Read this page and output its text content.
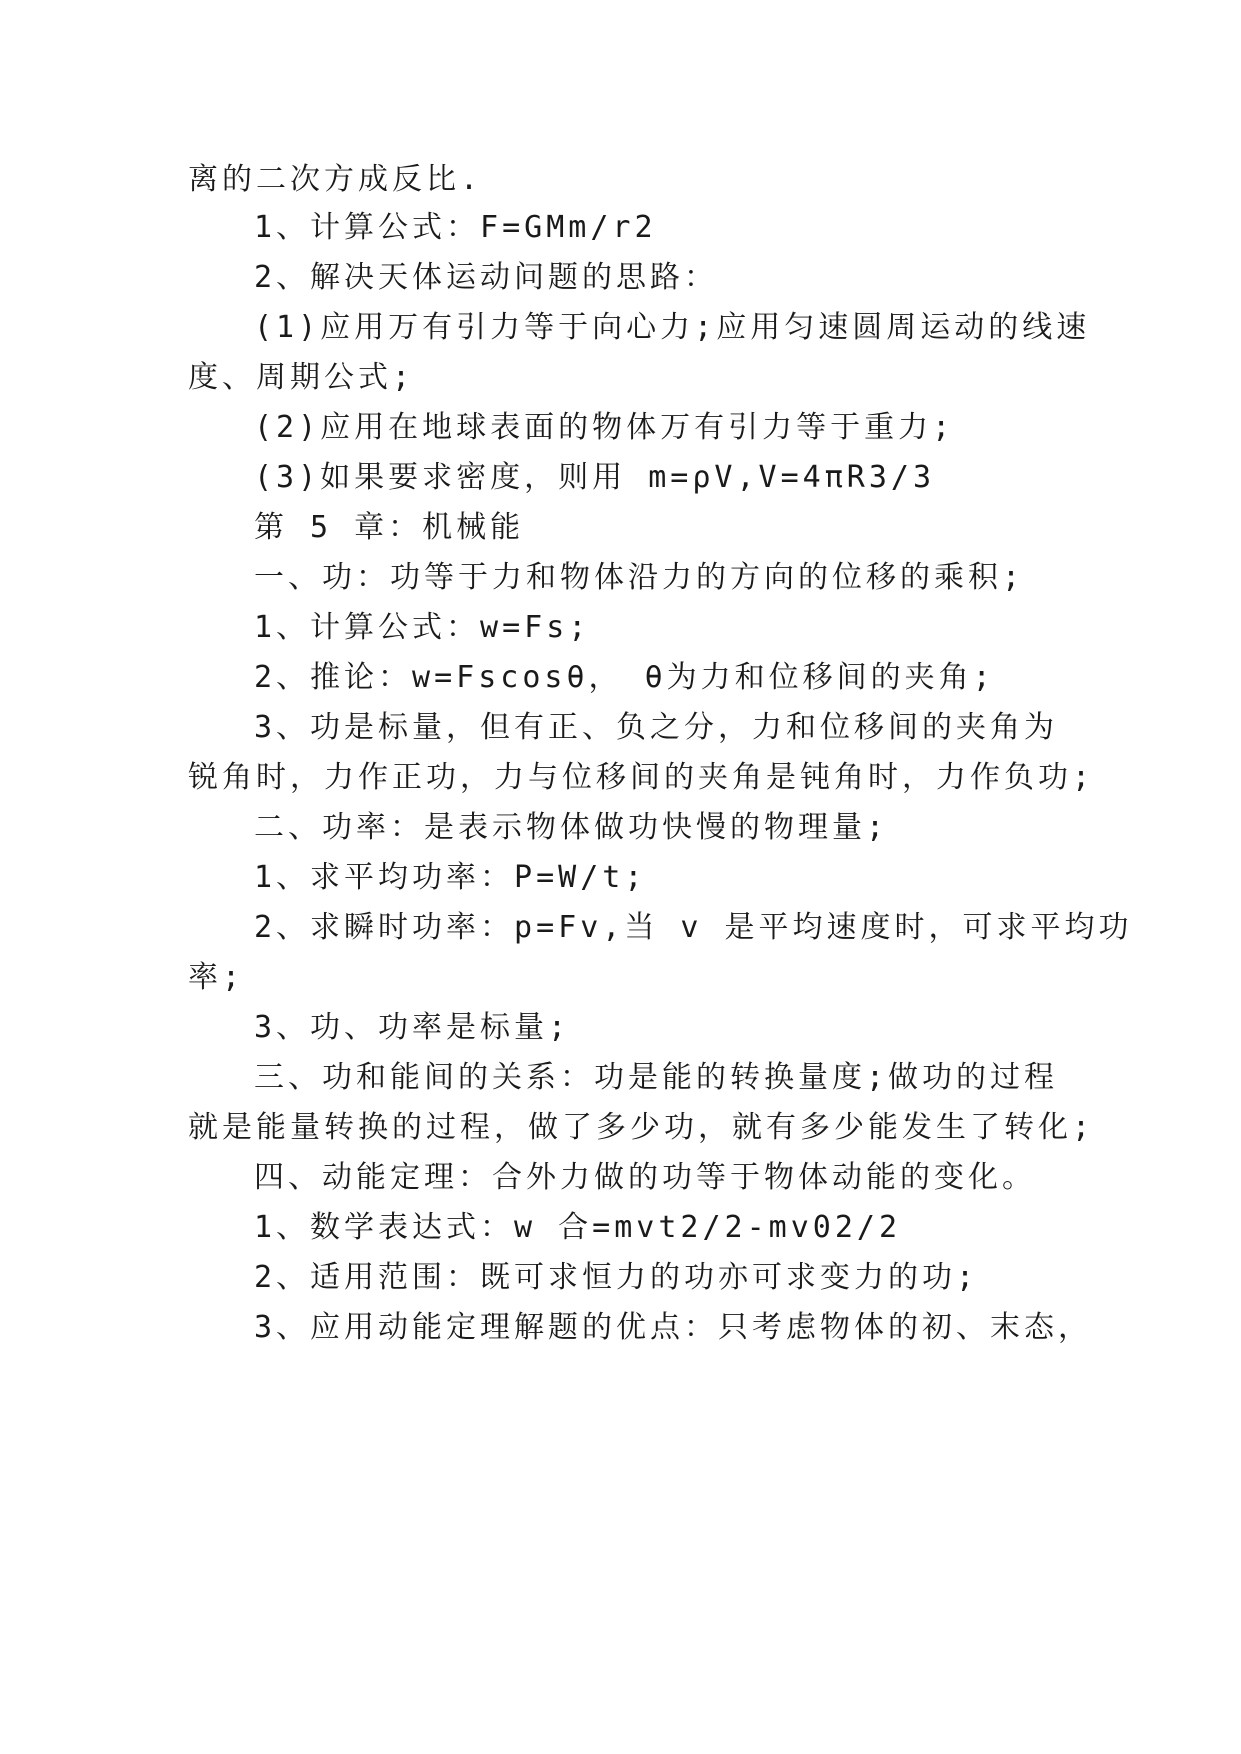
离的二次方成反比.
1、计算公式：F=GMm/r2
2、解决天体运动问题的思路：
(1)应用万有引力等于向心力;应用匀速圆周运动的线速
度、周期公式;
(2)应用在地球表面的物体万有引力等于重力;
(3)如果要求密度，则用 m=ρV,V=4πR3/3
第 5 章：机械能
一、功：功等于力和物体沿力的方向的位移的乘积;
1、计算公式：w=Fs;
2、推论：w=Fscosθ， θ为力和位移间的夹角;
3、功是标量，但有正、负之分，力和位移间的夹角为
锐角时，力作正功，力与位移间的夹角是钝角时，力作负功;
二、功率：是表示物体做功快慢的物理量;
1、求平均功率：P=W/t;
2、求瞬时功率：p=Fv,当 v 是平均速度时，可求平均功
率;
3、功、功率是标量;
三、功和能间的关系：功是能的转换量度;做功的过程
就是能量转换的过程，做了多少功，就有多少能发生了转化;
四、动能定理：合外力做的功等于物体动能的变化。
1、数学表达式：w 合=mvt2/2-mv02/2
2、适用范围：既可求恒力的功亦可求变力的功;
3、应用动能定理解题的优点：只考虑物体的初、末态，
